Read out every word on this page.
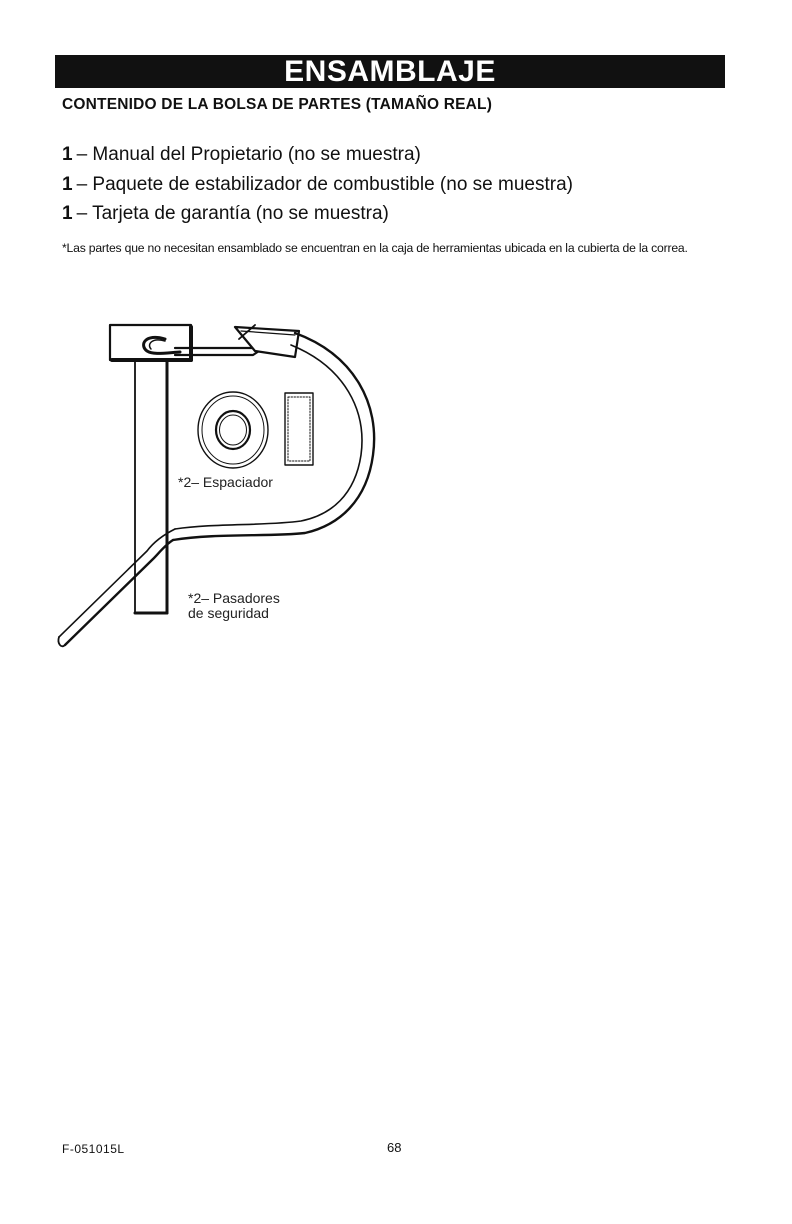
ENSAMBLAJE
CONTENIDO DE LA BOLSA DE PARTES (TAMAÑO REAL)
1 – Manual del Propietario (no se muestra)
1 – Paquete de estabilizador de combustible (no se muestra)
1 – Tarjeta de garantía (no se muestra)
*Las partes que no necesitan ensamblado se encuentran en la caja de herramientas ubicada en la cubierta de la correa.
*2– Espaciador
*2– Pasadores
de seguridad
F-051015L	68
